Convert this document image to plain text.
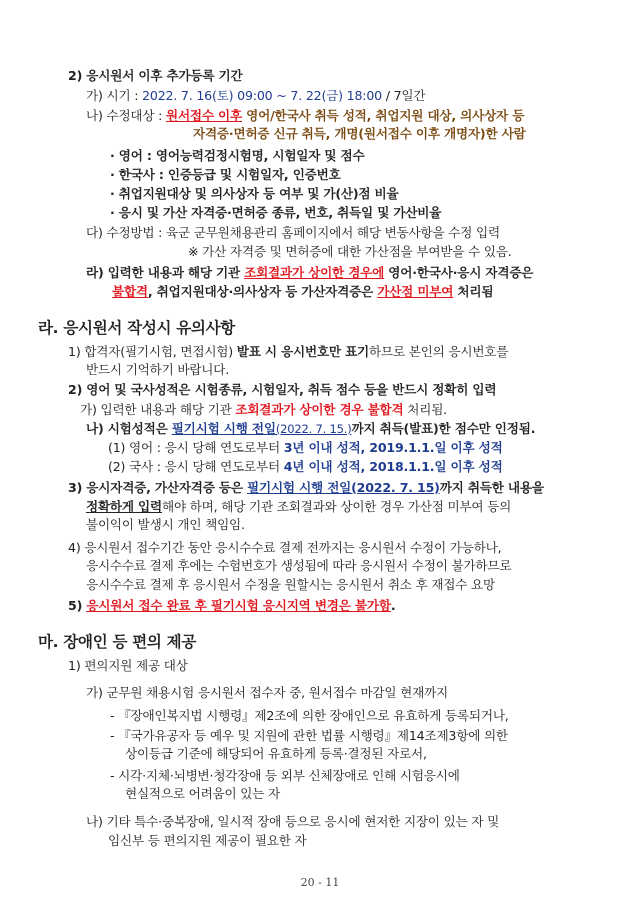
2) 응시원서 이후 추가등록 기간
가) 시기 : 2022. 7. 16(토) 09:00 ~ 7. 22(금) 18:00 / 7일간
나) 수정대상 : 원서접수 이후 영어/한국사 취득 성적, 취업지원 대상, 의사상자 등
자격증·면허증 신규 취득, 개명(원서접수 이후 개명자)한 사람
· 영어 : 영어능력검정시험명, 시험일자 및 점수
· 한국사 : 인증등급 및 시험일자, 인증번호
· 취업지원대상 및 의사상자 등 여부 및 가(산)점 비율
· 응시 및 가산 자격증·면허증 종류, 번호, 취득일 및 가산비율
다) 수정방법 : 육군 군무원채용관리 홈페이지에서 해당 변동사항을 수정 입력
※ 가산 자격증 및 면허증에 대한 가산점을 부여받을 수 있음.
라) 입력한 내용과 해당 기관 조회결과가 상이한 경우에 영어·한국사·응시 자격증은
불합격, 취업지원대상·의사상자 등 가산자격증은 가산점 미부여 처리됨
라. 응시원서 작성시 유의사항
1) 합격자(필기시험, 면접시험) 발표 시 응시번호만 표기하므로 본인의 응시번호를
반드시 기억하기 바랍니다.
2) 영어 및 국사성적은 시험종류, 시험일자, 취득 점수 등을 반드시 정확히 입력
가) 입력한 내용과 해당 기관 조회결과가 상이한 경우 불합격 처리됨.
나) 시험성적은 필기시험 시행 전일(2022. 7. 15.)까지 취득(발표)한 점수만 인정됨.
(1) 영어 : 응시 당해 연도로부터 3년 이내 성적, 2019.1.1.일 이후 성적
(2) 국사 : 응시 당해 연도로부터 4년 이내 성적, 2018.1.1.일 이후 성적
3) 응시자격증, 가산자격증 등은 필기시험 시행 전일(2022. 7. 15)까지 취득한 내용을
정확하게 입력해야 하며, 해당 기관 조회결과와 상이한 경우 가산점 미부여 등의
불이익이 발생시 개인 책임임.
4) 응시원서 접수기간 동안 응시수수료 결제 전까지는 응시원서 수정이 가능하나,
응시수수료 결제 후에는 수험번호가 생성됨에 따라 응시원서 수정이 불가하므로
응시수수료 결제 후 응시원서 수정을 원할시는 응시원서 취소 후 재접수 요망
5) 응시원서 접수 완료 후 필기시험 응시지역 변경은 불가함.
마. 장애인 등 편의 제공
1) 편의지원 제공 대상
가) 군무원 채용시험 응시원서 접수자 중, 원서접수 마감일 현재까지
- 『장애인복지법 시행령』제2조에 의한 장애인으로 유효하게 등록되거나,
- 『국가유공자 등 예우 및 지원에 관한 법률 시행령』제14조제3항에 의한
상이등급 기준에 해당되어 유효하게 등록·결정된 자로서,
- 시각·지체·뇌병변·청각장애 등 외부 신체장애로 인해 시험응시에
현실적으로 어려움이 있는 자
나) 기타 특수·중복장애, 일시적 장애 등으로 응시에 현저한 지장이 있는 자 및
임신부 등 편의지원 제공이 필요한 자
20 - 11
